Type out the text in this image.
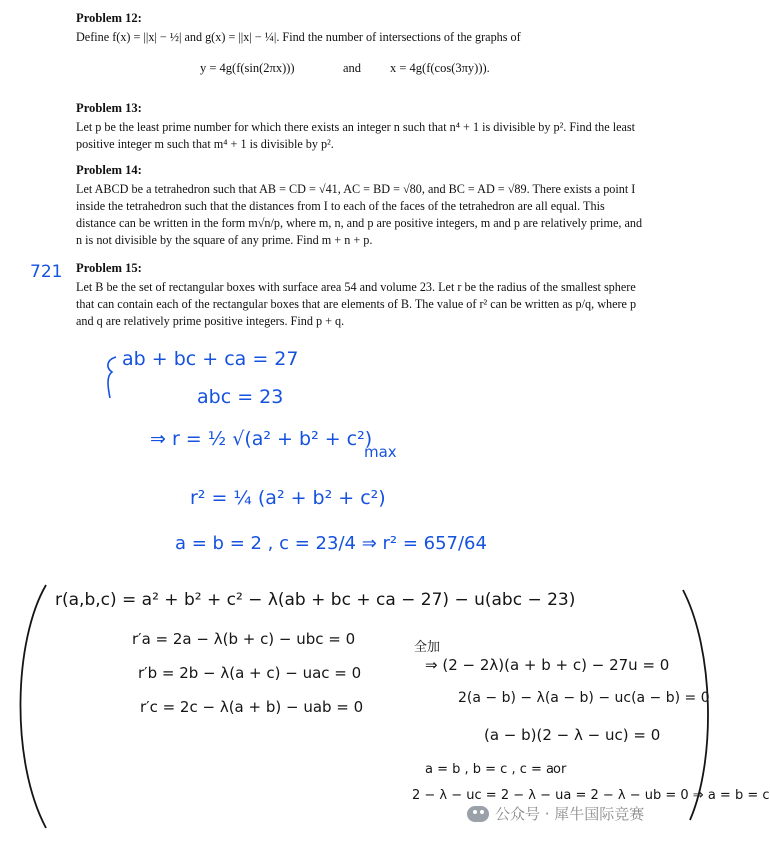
Problem 12:

Define f(x) = ||x| − ½| and g(x) = ||x| − ¼|. Find the number of intersections of the graphs of

y = 4g(f(sin(2πx)))	and x = 4g(f(cos(3πy))).
Problem 13:

Let p be the least prime number for which there exists an integer n such that n⁴ + 1 is divisible by p². Find the least positive integer m such that m⁴ + 1 is divisible by p².

Problem 14:

Let ABCD be a tetrahedron such that AB = CD = √41, AC = BD = √80, and BC = AD = √89. There exists a point I inside the tetrahedron such that the distances from I to each of the faces of the tetrahedron are all equal. This distance can be written in the form m√n/p, where m, n, and p are positive integers, m and p are relatively prime, and n is not divisible by the square of any prime. Find m + n + p.

721 Problem 15:

Let B be the set of rectangular boxes with surface area 54 and volume 23. Let r be the radius of the smallest sphere that can contain each of the rectangular boxes that are elements of B. The value of r² can be written as p/q, where p and q are relatively prime positive integers. Find p + q.

ab + bc + ca = 27
abc = 23
⇒ r = ½ √(a² + b² + c²)
max
r² = ¼ (a² + b² + c²)
a = b = 2 , c = 23/4 ⇒ r² = 657/64
r(a,b,c) = a² + b² + c² − λ(ab + bc + ca − 27) − u(abc − 23)
r′a = 2a − λ(b + c) − ubc = 0
r′b = 2b − λ(a + c) − uac = 0
r′c = 2c − λ(a + b) − uab = 0
全加
⇒ (2 − 2λ)(a + b + c) − 27u = 0
2(a − b) − λ(a − b) − uc(a − b) = 0
(a − b)(2 − λ − uc) = 0
a = b , b = c , c = a or
2 − λ − uc = 2 − λ − ua = 2 − λ − ub = 0 ⇒ a = b = c
公众号 · 犀牛国际竞赛
